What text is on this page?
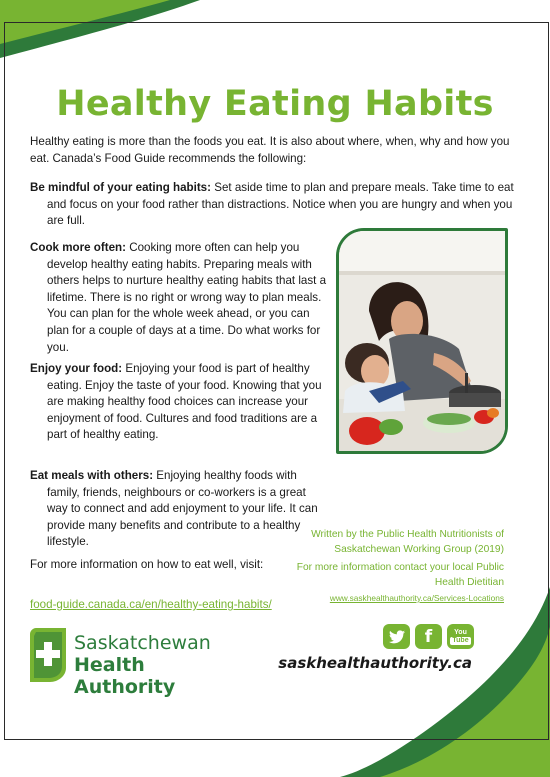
Healthy Eating Habits
Healthy eating is more than the foods you eat. It is also about where, when, why and how you eat. Canada’s Food Guide recommends the following:
Be mindful of your eating habits: Set aside time to plan and prepare meals. Take time to eat and focus on your food rather than distractions. Notice when you are hungry and when you are full.
Cook more often: Cooking more often can help you develop healthy eating habits. Preparing meals with others helps to nurture healthy eating habits that last a lifetime. There is no right or wrong way to plan meals. You can plan for the whole week ahead, or you can plan for a couple of days at a time. Do what works for you.
Enjoy your food: Enjoying your food is part of healthy eating. Enjoy the taste of your food. Knowing that you are making healthy food choices can increase your enjoyment of food. Cultures and food traditions are a part of healthy eating.
Eat meals with others: Enjoying healthy foods with family, friends, neighbours or co-workers is a great way to connect and add enjoyment to your life. It can provide many benefits and contribute to a healthy lifestyle.
For more information on how to eat well, visit:
food-guide.canada.ca/en/healthy-eating-habits/
Written by the Public Health Nutritionists of Saskatchewan Working Group (2019)
For more information contact your local Public Health Dietitian
www.saskhealthauthority.ca/Services-Locations
Saskatchewan
Health Authority
f	You
Tube
saskhealthauthority.ca
